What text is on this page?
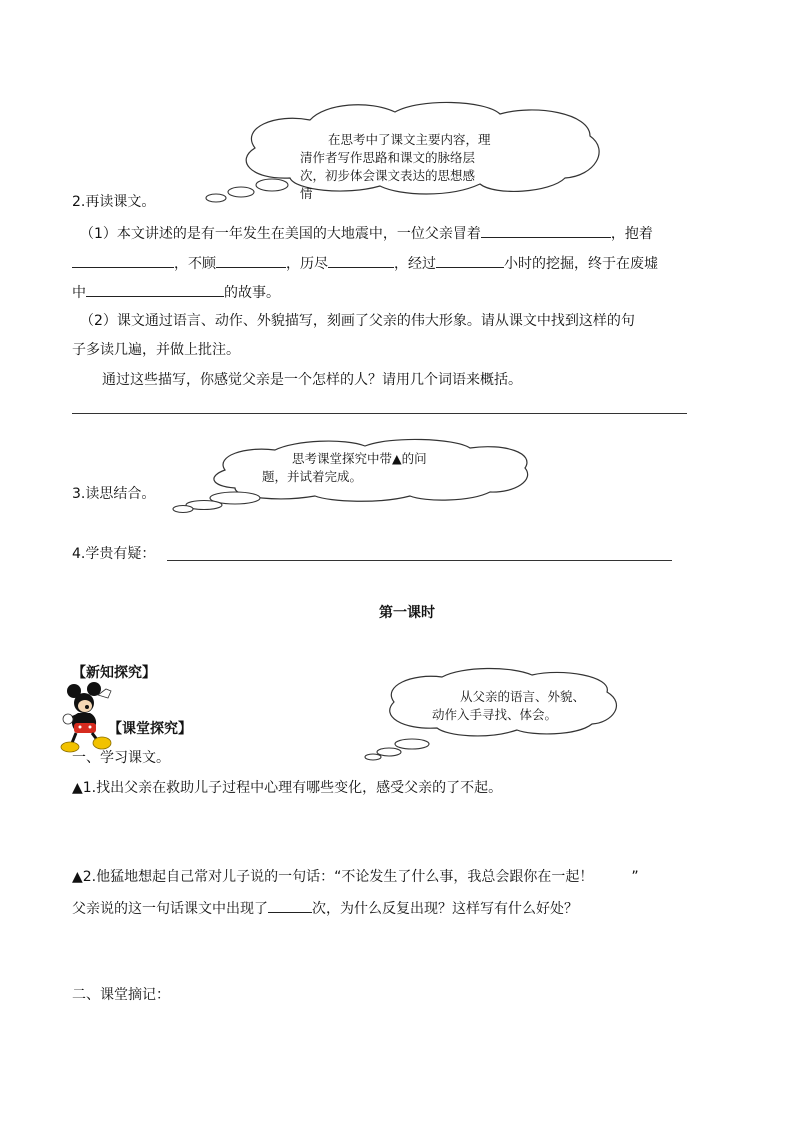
在思考中了课文主要内容，理
清作者写作思路和课文的脉络层
次，初步体会课文表达的思想感
情
2.再读课文。
（1）本文讲述的是有一年发生在美国的大地震中，一位父亲冒着	，抱着
，不顾	，历尽	，经过	小时的挖掘，终于在废墟
中	的故事。
（2）课文通过语言、动作、外貌描写，刻画了父亲的伟大形象。请从课文中找到这样的句
子多读几遍，并做上批注。
通过这些描写，你感觉父亲是一个怎样的人？请用几个词语来概括。
思考课堂探究中带▲的问
题，并试着完成。
3.读思结合。
4.学贵有疑：
第一课时
【新知探究】
【课堂探究】
从父亲的语言、外貌、
动作入手寻找、体会。
一、学习课文。
▲1.找出父亲在救助儿子过程中心理有哪些变化，感受父亲的了不起。
▲2.他猛地想起自己常对儿子说的一句话：“不论发生了什么事，我总会跟你在一起！	”
父亲说的这一句话课文中出现了	次，为什么反复出现？这样写有什么好处？
二、课堂摘记：
